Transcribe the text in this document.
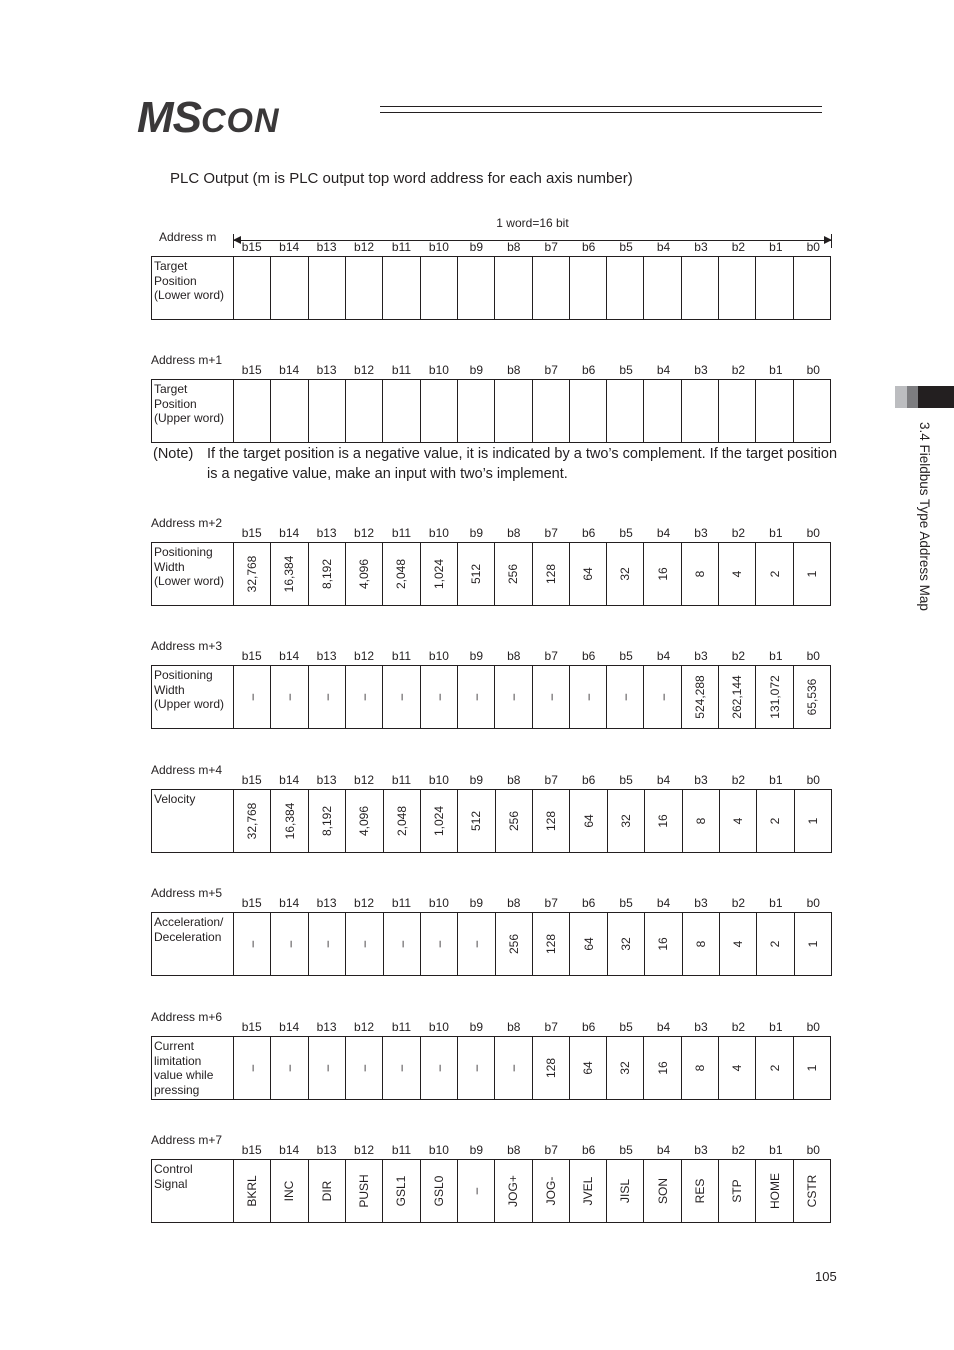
MSCON
PLC Output (m is PLC output top word address for each axis number)
3.4 Fieldbus Type Address Map
Address m
1 word=16 bit
b15	b14	b13	b12	b11	b10	b9	b8	b7	b6	b5	b4	b3	b2	b1	b0
Target
Position
(Lower word)
Address m+1
b15	b14	b13	b12	b11	b10	b9	b8	b7	b6	b5	b4	b3	b2	b1	b0
Target
Position
(Upper word)
Address m+2
b15	b14	b13	b12	b11	b10	b9	b8	b7	b6	b5	b4	b3	b2	b1	b0
Positioning
Width
(Lower word)	32,768 16,384 8,192 4,096 2,048 1,024 512 256 128 64 32 16 8 4 2 1
Address m+3
b15	b14	b13	b12	b11	b10	b9	b8	b7	b6	b5	b4	b3	b2	b1	b0
Positioning
Width
(Upper word)	– – – – – – – – – – – – 524,288 262,144 131,072 65,536
Address m+4
b15	b14	b13	b12	b11	b10	b9	b8	b7	b6	b5	b4	b3	b2	b1	b0
Velocity
32,768 16,384 8,192 4,096 2,048 1,024 512 256 128 64 32 16 8 4 2 1
Address m+5
b15	b14	b13	b12	b11	b10	b9	b8	b7	b6	b5	b4	b3	b2	b1	b0
Acceleration/
Deceleration
– – – – – – – 256 128 64 32 16 8 4 2 1
Address m+6
b15	b14	b13	b12	b11	b10	b9	b8	b7	b6	b5	b4	b3	b2	b1	b0
Current
limitation
value while
pressing
– – – – – – – – 128 64 32 16 8 4 2 1
Address m+7
b15	b14	b13	b12	b11	b10	b9	b8	b7	b6	b5	b4	b3	b2	b1	b0
Control
Signal	BKRL INC DIR PUSH GSL1 GSL0 – JOG+ JOG- JVEL JISL SON RES STP HOME CSTR
(Note) If the target position is a negative value, it is indicated by a two’s complement. If the target position is a negative value, make an input with two’s implement.
105
